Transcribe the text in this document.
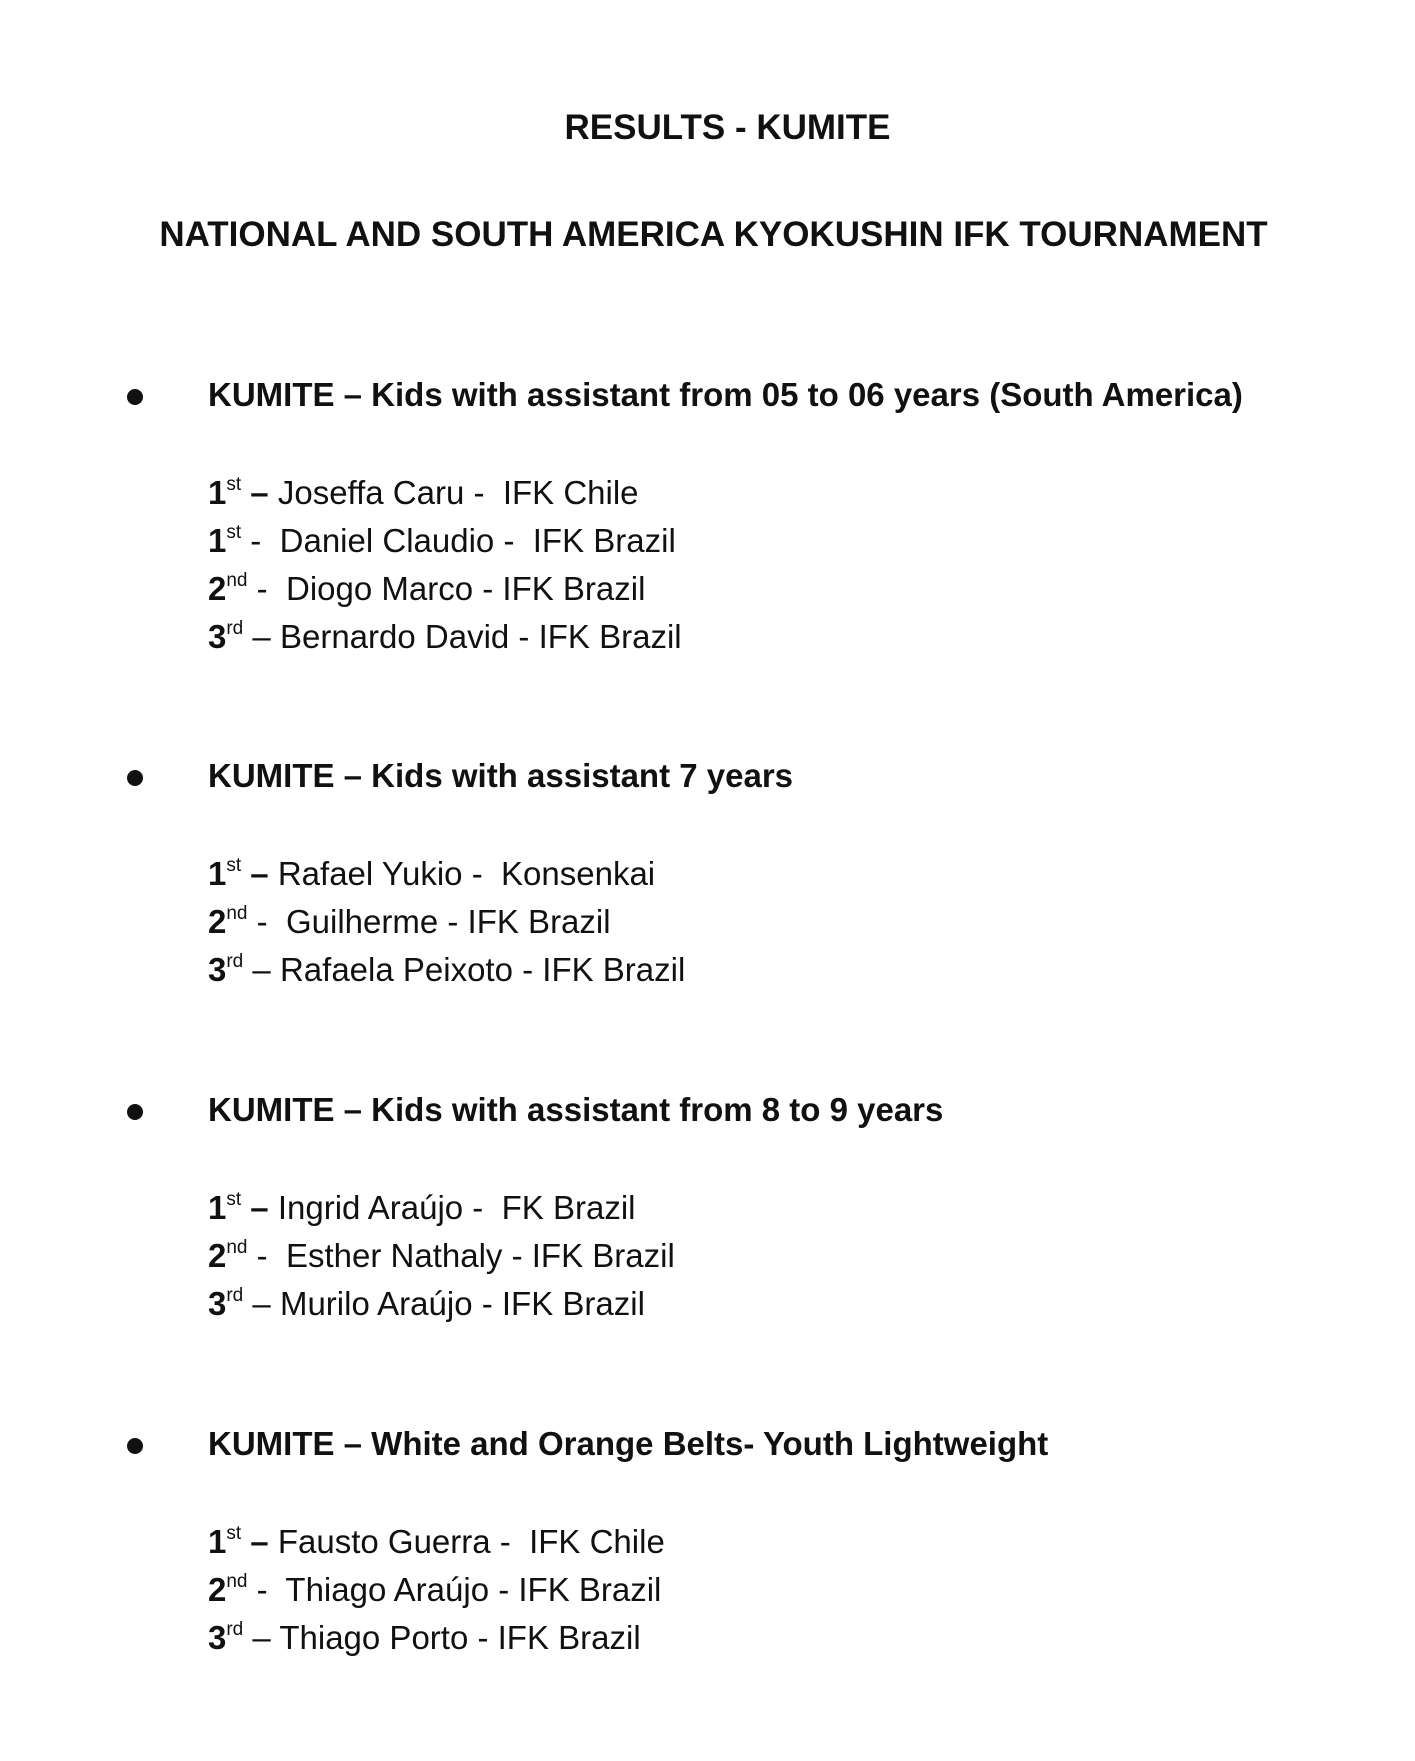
RESULTS - KUMITE
NATIONAL AND SOUTH AMERICA KYOKUSHIN IFK TOURNAMENT
KUMITE – Kids with assistant from 05 to 06 years (South America)
1st – Joseffa Caru -  IFK Chile
1st -  Daniel Claudio -  IFK Brazil
2nd -  Diogo Marco - IFK Brazil
3rd – Bernardo David - IFK Brazil
KUMITE – Kids with assistant 7 years
1st – Rafael Yukio -  Konsenkai
2nd -  Guilherme - IFK Brazil
3rd – Rafaela Peixoto - IFK Brazil
KUMITE – Kids with assistant from 8 to 9 years
1st – Ingrid Araújo -  FK Brazil
2nd -  Esther Nathaly - IFK Brazil
3rd – Murilo Araújo - IFK Brazil
KUMITE – White and Orange Belts- Youth Lightweight
1st – Fausto Guerra -  IFK Chile
2nd -  Thiago Araújo - IFK Brazil
3rd – Thiago Porto - IFK Brazil
